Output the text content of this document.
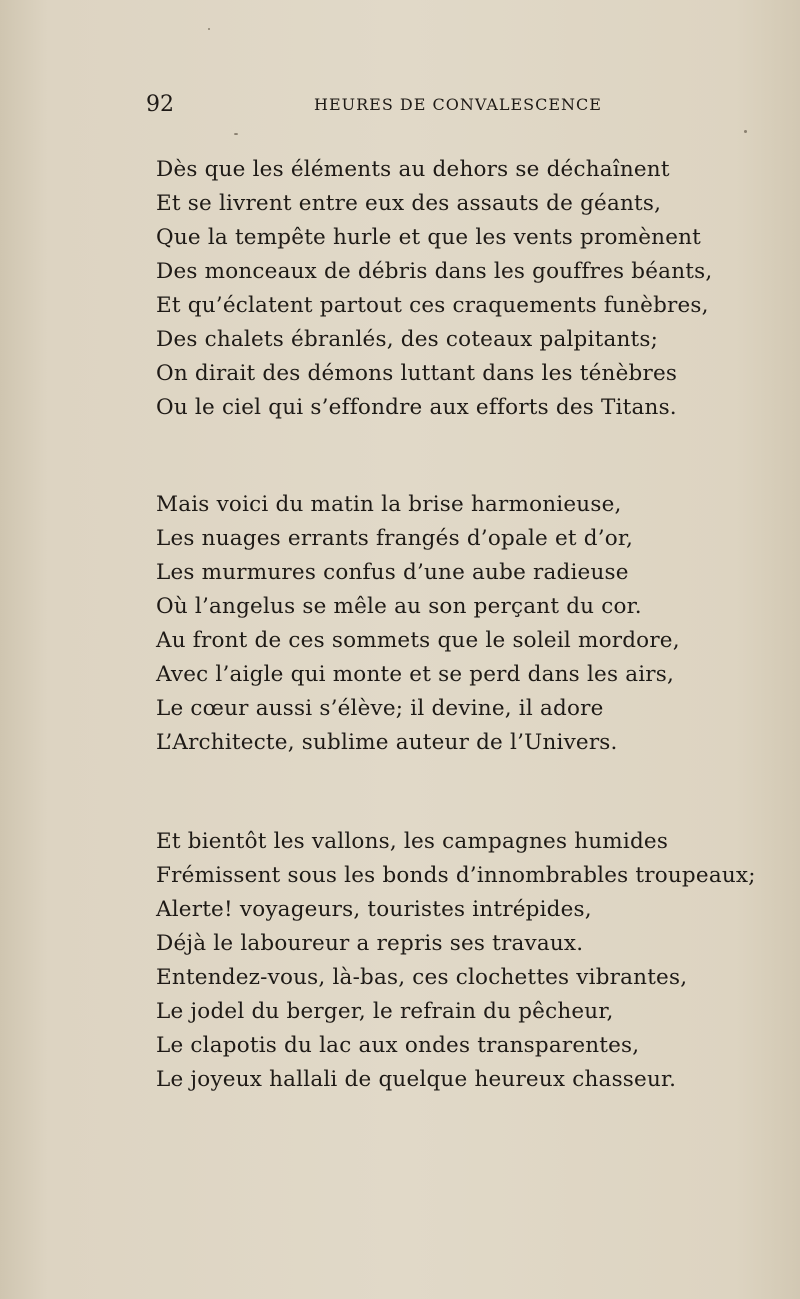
92	HEURES DE CONVALESCENCE
Dès que les éléments au dehors se déchaînent
Et se livrent entre eux des assauts de géants,
Que la tempête hurle et que les vents promènent
Des monceaux de débris dans les gouffres béants,
Et qu’éclatent partout ces craquements funèbres,
Des chalets ébranlés, des coteaux palpitants;
On dirait des démons luttant dans les ténèbres
Ou le ciel qui s’effondre aux efforts des Titans.
Mais voici du matin la brise harmonieuse,
Les nuages errants frangés d’opale et d’or,
Les murmures confus d’une aube radieuse
Où l’angelus se mêle au son perçant du cor.
Au front de ces sommets que le soleil mordore,
Avec l’aigle qui monte et se perd dans les airs,
Le cœur aussi s’élève; il devine, il adore
L’Architecte, sublime auteur de l’Univers.
Et bientôt les vallons, les campagnes humides
Frémissent sous les bonds d’innombrables troupeaux;
Alerte! voyageurs, touristes intrépides,
Déjà le laboureur a repris ses travaux.
Entendez-vous, là-bas, ces clochettes vibrantes,
Le jodel du berger, le refrain du pêcheur,
Le clapotis du lac aux ondes transparentes,
Le joyeux hallali de quelque heureux chasseur.
